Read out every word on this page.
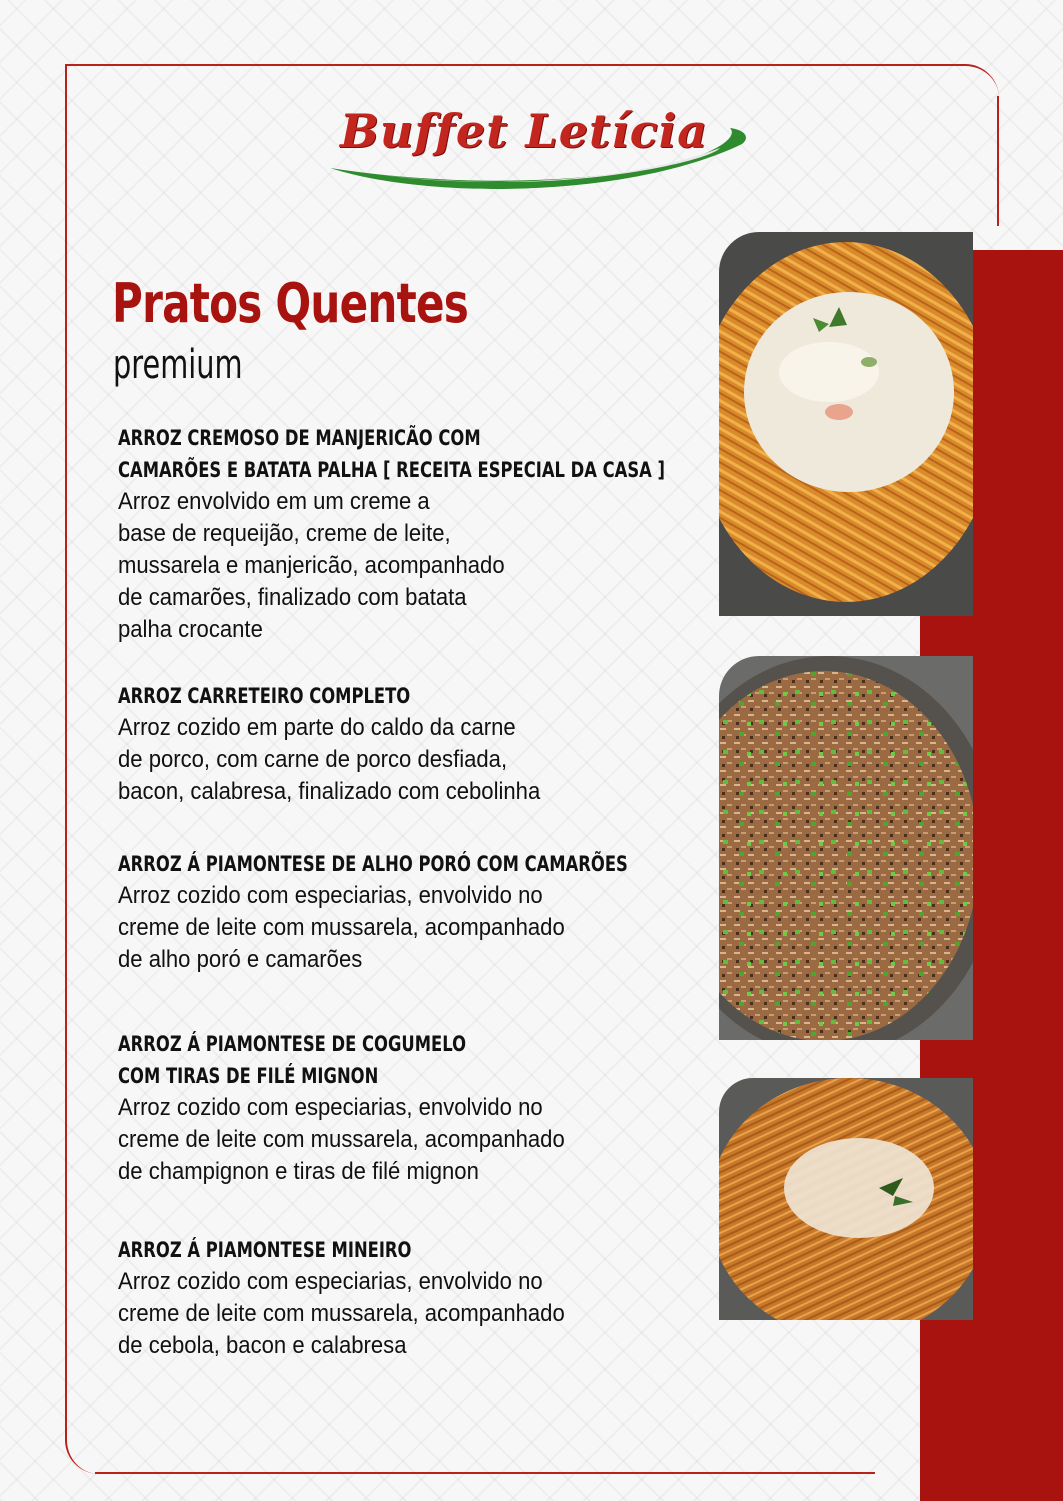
Buffet Letícia
Pratos Quentes
premium
ARROZ CREMOSO DE MANJERICÃO COM
CAMARÕES E BATATA PALHA [ RECEITA ESPECIAL DA CASA ]
Arroz envolvido em um creme a
base de requeijão, creme de leite,
mussarela e manjericão, acompanhado
de camarões, finalizado com batata
palha crocante
ARROZ CARRETEIRO COMPLETO
Arroz cozido em parte do caldo da carne
de porco, com carne de porco desfiada,
bacon, calabresa, finalizado com cebolinha
ARROZ Á PIAMONTESE DE ALHO PORÓ COM CAMARÕES
Arroz cozido com especiarias, envolvido no
creme de leite com mussarela, acompanhado
de alho poró e camarões
ARROZ Á PIAMONTESE DE COGUMELO
COM TIRAS DE FILÉ MIGNON
Arroz cozido com especiarias, envolvido no
creme de leite com mussarela, acompanhado
de champignon e tiras de filé mignon
ARROZ Á PIAMONTESE MINEIRO
Arroz cozido com especiarias, envolvido no
creme de leite com mussarela, acompanhado
de cebola, bacon e calabresa
